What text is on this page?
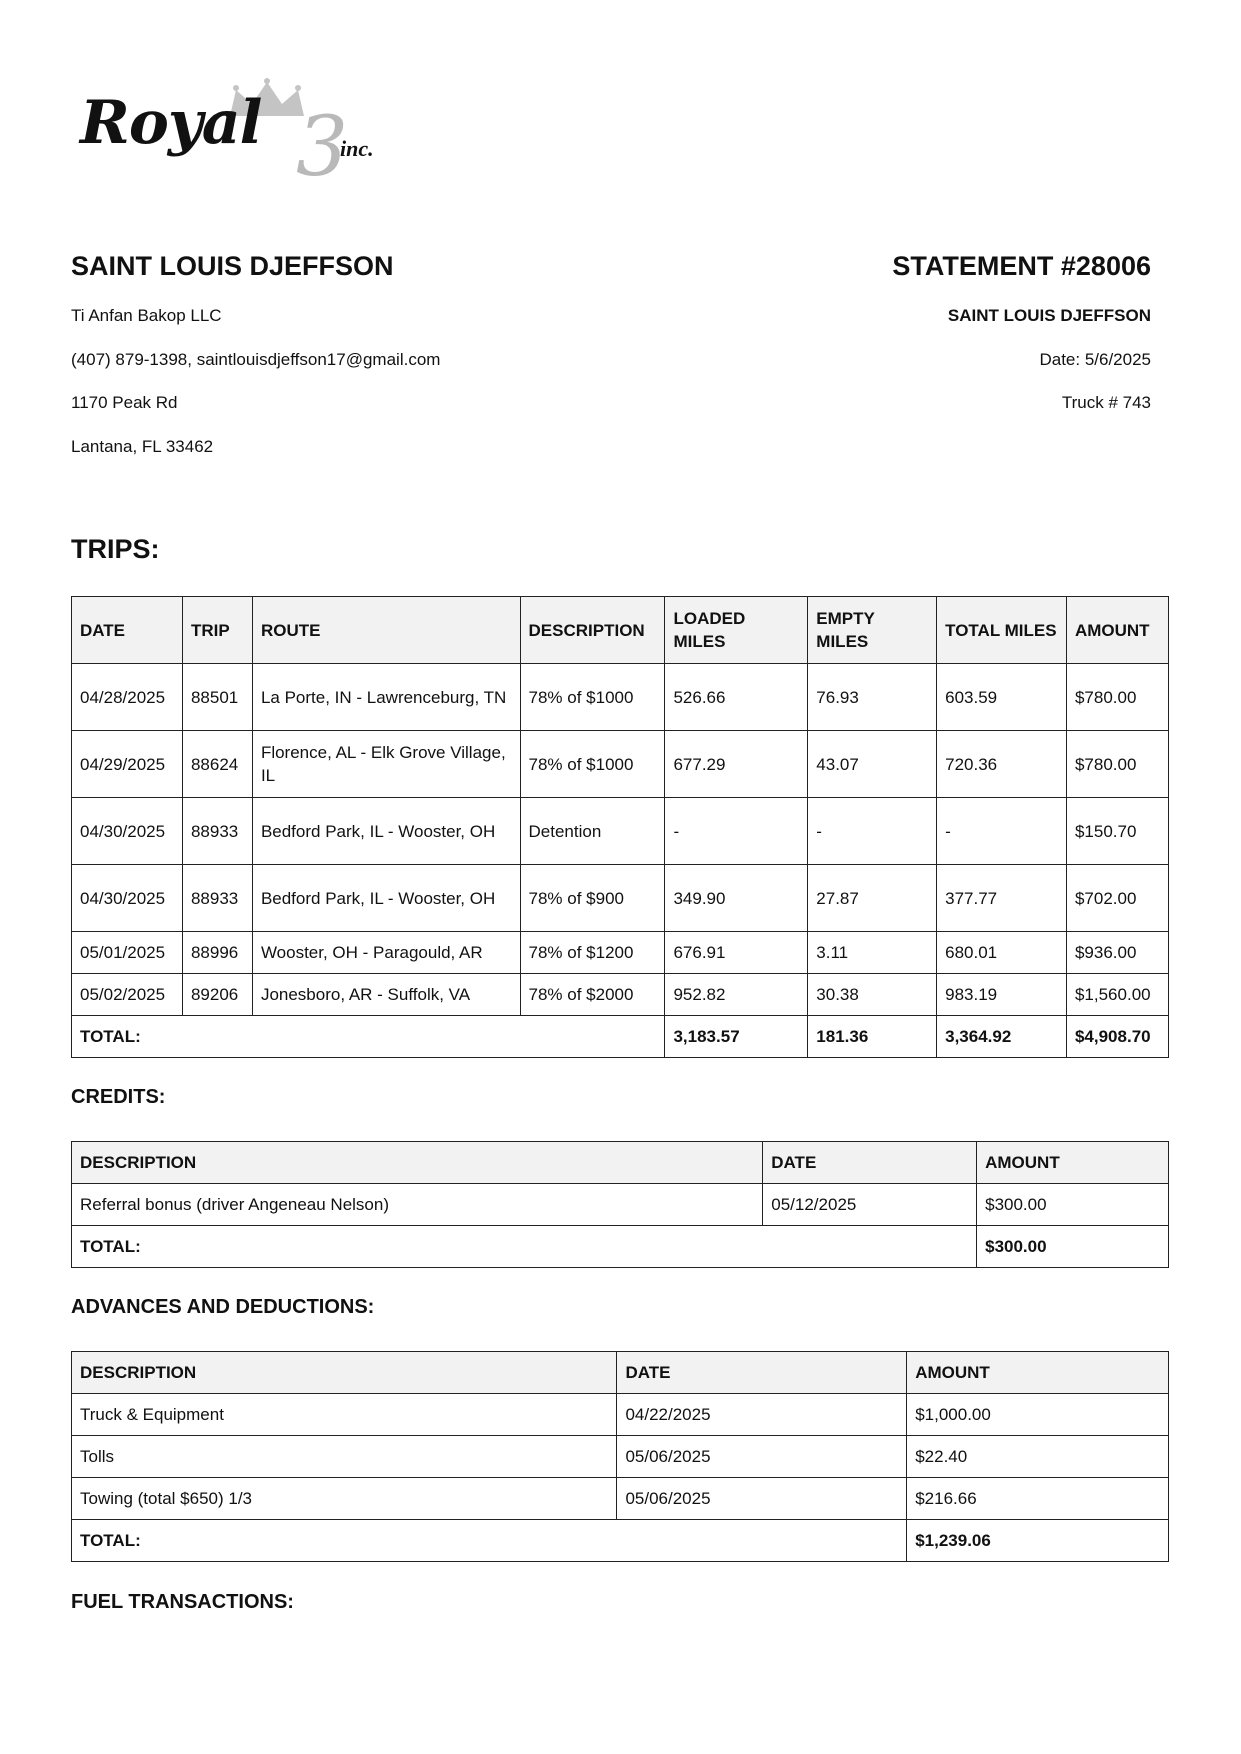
Royal 3
inc.

SAINT LOUIS DJEFFSON

Ti Anfan Bakop LLC

(407) 879-1398, saintlouisdjeffson17@gmail.com

1170 Peak Rd

Lantana, FL 33462

STATEMENT #28006

SAINT LOUIS DJEFFSON

Date: 5/6/2025

Truck # 743

TRIPS:

DATE	TRIP	ROUTE	DESCRIPTION	LOADED MILES	EMPTY MILES	TOTAL MILES	AMOUNT
04/28/2025	88501	La Porte, IN - Lawrenceburg, TN	78% of $1000	526.66	76.93	603.59	$780.00
04/29/2025	88624	Florence, AL - Elk Grove Village, IL	78% of $1000	677.29	43.07	720.36	$780.00
04/30/2025	88933	Bedford Park, IL - Wooster, OH	Detention	-	-	-	$150.70
04/30/2025	88933	Bedford Park, IL - Wooster, OH	78% of $900	349.90	27.87	377.77	$702.00
05/01/2025	88996	Wooster, OH - Paragould, AR	78% of $1200	676.91	3.11	680.01	$936.00
05/02/2025	89206	Jonesboro, AR - Suffolk, VA	78% of $2000	952.82	30.38	983.19	$1,560.00
TOTAL:				3,183.57	181.36	3,364.92	$4,908.70

CREDITS:

DESCRIPTION	DATE	AMOUNT
Referral bonus (driver Angeneau Nelson)	05/12/2025	$300.00
TOTAL:		$300.00

ADVANCES AND DEDUCTIONS:

DESCRIPTION	DATE	AMOUNT
Truck & Equipment	04/22/2025	$1,000.00
Tolls	05/06/2025	$22.40
Towing (total $650) 1/3	05/06/2025	$216.66
TOTAL:		$1,239.06

FUEL TRANSACTIONS:
